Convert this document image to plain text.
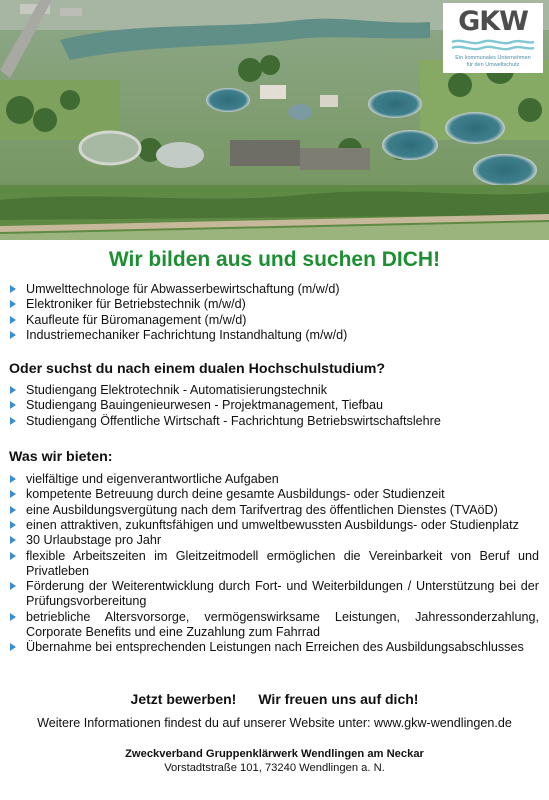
GKW
Ein kommunales Unternehmen
für den Umweltschutz
Wir bilden aus und suchen DICH!
Umwelttechnologe für Abwasserbewirtschaftung (m/w/d)
Elektroniker für Betriebstechnik (m/w/d)
Kaufleute für Büromanagement (m/w/d)
Industriemechaniker Fachrichtung Instandhaltung (m/w/d)
Oder suchst du nach einem dualen Hochschulstudium?
Studiengang Elektrotechnik - Automatisierungstechnik
Studiengang Bauingenieurwesen - Projektmanagement, Tiefbau
Studiengang Öffentliche Wirtschaft - Fachrichtung Betriebswirtschaftslehre
Was wir bieten:
vielfältige und eigenverantwortliche Aufgaben
kompetente Betreuung durch deine gesamte Ausbildungs- oder Studienzeit
eine Ausbildungsvergütung nach dem Tarifvertrag des öffentlichen Dienstes (TVAöD)
einen attraktiven, zukunftsfähigen und umweltbewussten Ausbildungs- oder Studienplatz
30 Urlaubstage pro Jahr
flexible Arbeitszeiten im Gleitzeitmodell ermöglichen die Vereinbarkeit von Beruf und Privatleben
Förderung der Weiterentwicklung durch Fort- und Weiterbildungen / Unterstützung bei der Prüfungsvorbereitung
betriebliche Altersvorsorge, vermögenswirksame Leistungen, Jahressonderzahlung, Corporate Benefits und eine Zuzahlung zum Fahrrad
Übernahme bei entsprechenden Leistungen nach Erreichen des Ausbildungsabschlusses
Jetzt bewerben! Wir freuen uns auf dich!
Weitere Informationen findest du auf unserer Website unter: www.gkw-wendlingen.de
Zweckverband Gruppenklärwerk Wendlingen am Neckar
Vorstadtstraße 101, 73240 Wendlingen a. N.
